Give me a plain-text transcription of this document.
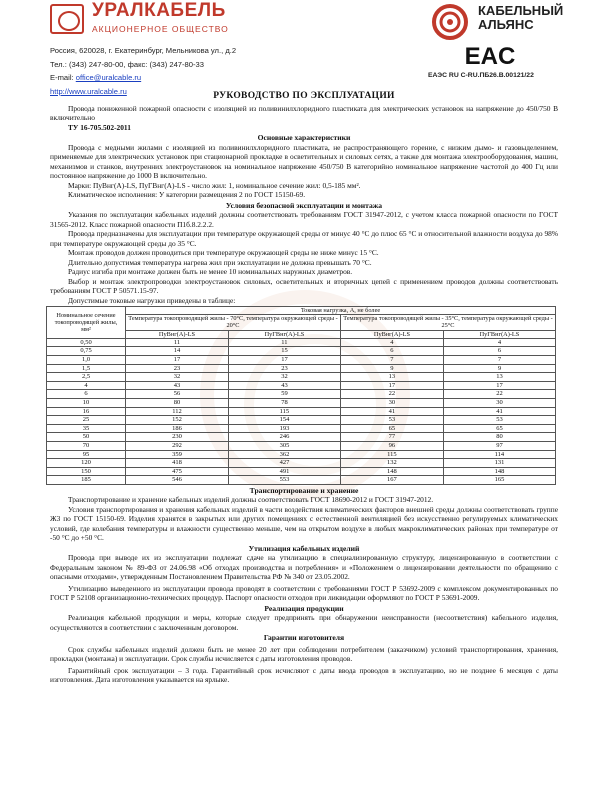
УРАЛКАБЕЛЬ
АКЦИОНЕРНОЕ ОБЩЕСТВО
КАБЕЛЬНЫЙ
АЛЬЯНС
Россия, 620028, г. Екатеринбург, Мельникова ул., д.2
Тел.: (343) 247-80-00, факс: (343) 247-80-33
E-mail: office@uralcable.ru
http://www.uralcable.ru
EAC
ЕАЭС RU С-RU.ПБ26.В.00121/22
РУКОВОДСТВО ПО ЭКСПЛУАТАЦИИ

Провода пониженной пожарной опасности с изоляцией из поливинилхлоридного пластиката для электрических установок на напряжение до 450/750 В включительно

ТУ 16-705.502-2011

Основные характеристики

Провода с медными жилами с изоляцией из поливинилхлоридного пластиката, не распространяющего горение, с низким дымо- и газовыделением, применяемые для электрических установок при стационарной прокладке в осветительных и силовых сетях, а также для монтажа электрооборудования, машин, механизмов и станков, внутренних электроустановок на номинальное напряжение 450/750 В категорийно номинальное напряжение частотой до 400 Гц или постоянное напряжение до 1000 В включительно.

Марки: ПуВнг(А)-LS, ПуГВнг(А)-LS - число жил: 1, номинальное сечение жил: 0,5-185 мм².

Климатическое исполнения: У категории размещения 2 по ГОСТ 15150-69.

Условия безопасной эксплуатации и монтажа

Указания по эксплуатации кабельных изделий должны соответствовать требованиям ГОСТ 31947-2012, с учетом класса пожарной опасности по ГОСТ 31565-2012. Класс пожарной опасности П1б.8.2.2.2.

Провода предназначены для эксплуатации при температуре окружающей среды от минус 40 °С до плюс 65 °С и относительной влажности воздуха до 98% при температуре окружающей среды до 35 °С.

Монтаж проводов должен проводиться при температуре окружающей среды не ниже минус 15 °С.

Длительно допустимая температура нагрева жил при эксплуатации не должна превышать 70 °С.

Радиус изгиба при монтаже должен быть не менее 10 номинальных наружных диаметров.

Выбор и монтаж электропроводки электроустановок силовых, осветительных и вторичных цепей с применением проводов должны соответствовать требованиям ГОСТ Р 50571.15-97.

Допустимые токовые нагрузки приведены в таблице:

Номинальное сечение токопроводящей жилы, мм²	Токовая нагрузка, А, не более			
	Температура токопроводящей жилы - 70°С, температура окружающей среды - 20°С		Температура токопроводящей жилы - 35°С, температура окружающей среды - 25°С	
	ПуВнг(А)-LS	ПуГВнг(А)-LS	ПуВнг(А)-LS	ПуГВнг(А)-LS
0,50	11	11	4	4
0,75	14	15	6	6
1,0	17	17	7	7
1,5	23	23	9	9
2,5	32	32	13	13
4	43	43	17	17
6	56	59	22	22
10	80	78	30	30
16	112	115	41	41
25	152	154	53	53
35	186	193	65	65
50	230	246	77	80
70	292	305	96	97
95	359	362	115	114
120	418	427	132	131
150	475	491	148	148
185	546	553	167	165
Транспортирование и хранение

Транспортирование и хранение кабельных изделий должны соответствовать ГОСТ 18690-2012 и ГОСТ 31947-2012.

Условия транспортирования и хранения кабельных изделий в части воздействия климатических факторов внешней среды должны соответствовать группе Ж3 по ГОСТ 15150-69. Изделия хранятся в закрытых или других помещениях с естественной вентиляцией без искусственно регулируемых климатических условий, где колебания температуры и влажности существенно меньше, чем на открытом воздухе в любых макроклиматических районах при температуре от -50 °С до +50 °С.

Утилизация кабельных изделий

Провода при выводе их из эксплуатации подлежат сдаче на утилизацию в специализированную структуру, лицензированную в соответствии с Федеральным законом № 89-ФЗ от 24.06.98 «Об отходах производства и потребления» и «Положением о лицензировании деятельности по обращению с опасными отходами», утвержденным Постановлением Правительства РФ № 340 от 23.05.2002.

Утилизацию выведенного из эксплуатации провода проводят в соответствии с требованиями ГОСТ Р 53692-2009 с комплексом документированных по ГОСТ Р 52108 организационно-технических процедур. Паспорт опасности отходов при ликвидации оформляют по ГОСТ Р 53691-2009.

Реализация продукции

Реализация кабельной продукции и меры, которые следует предпринять при обнаружении неисправности (несоответствия) кабельного изделия, осуществляются в соответствии с заключенным договором.

Гарантии изготовителя

Срок службы кабельных изделий должен быть не менее 20 лет при соблюдении потребителем (заказчиком) условий транспортирования, хранения, прокладки (монтажа) и эксплуатации. Срок службы исчисляется с даты изготовления проводов.

Гарантийный срок эксплуатации – 3 года. Гарантийный срок исчисляют с даты ввода проводов в эксплуатацию, но не позднее 6 месяцев с даты изготовления. Дата изготовления указывается на ярлыке.
